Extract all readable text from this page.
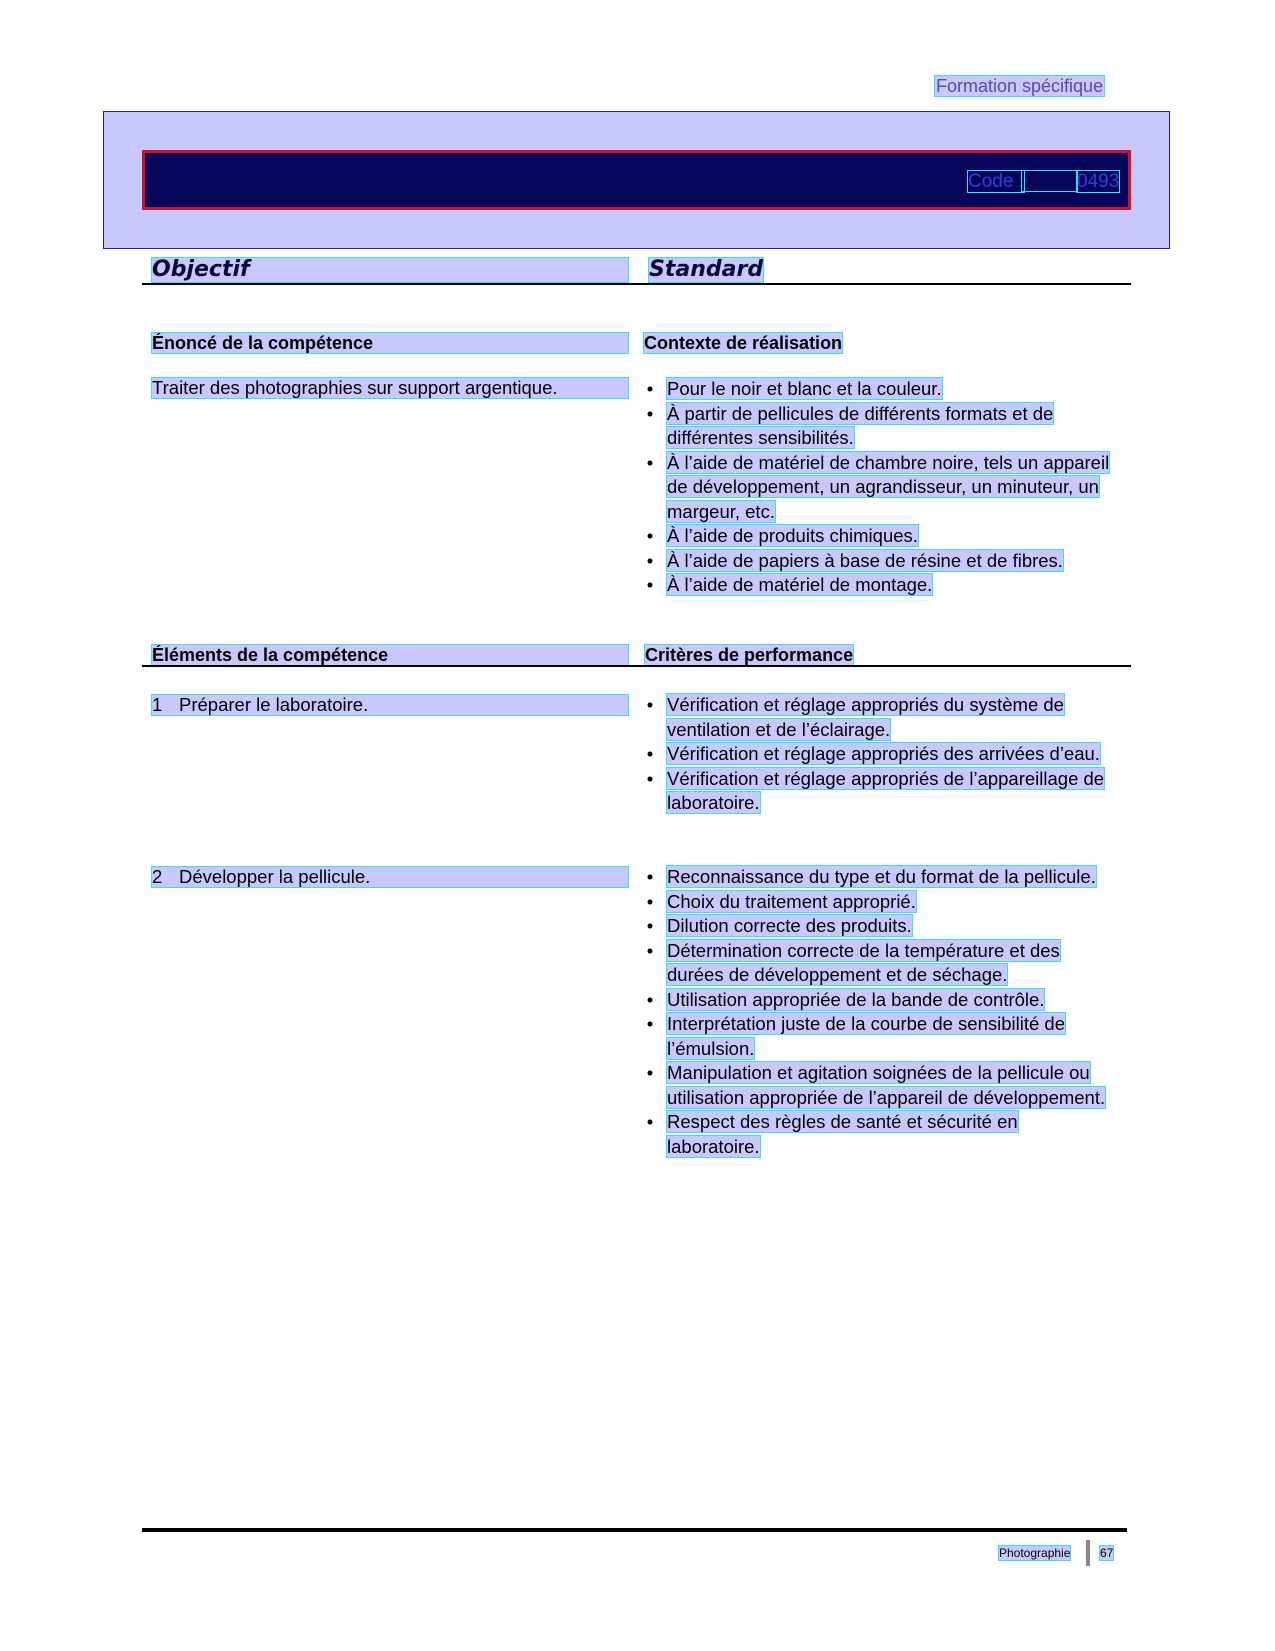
Formation spécifique
Code :	0493
Objectif	Standard
Énoncé de la compétence	Contexte de réalisation
Traiter des photographies sur support argentique.	• Pour le noir et blanc et la couleur.
• À partir de pellicules de différents formats et de différentes sensibilités.
• À l’aide de matériel de chambre noire, tels un appareil de développement, un agrandisseur, un minuteur, un margeur, etc.
• À l’aide de produits chimiques.
• À l’aide de papiers à base de résine et de fibres.
• À l’aide de matériel de montage.
Éléments de la compétence	Critères de performance
1 Préparer le laboratoire.	• Vérification et réglage appropriés du système de ventilation et de l’éclairage.
• Vérification et réglage appropriés des arrivées d’eau.
• Vérification et réglage appropriés de l’appareillage de laboratoire.
2 Développer la pellicule.	• Reconnaissance du type et du format de la pellicule.
• Choix du traitement approprié.
• Dilution correcte des produits.
• Détermination correcte de la température et des durées de développement et de séchage.
• Utilisation appropriée de la bande de contrôle.
• Interprétation juste de la courbe de sensibilité de l’émulsion.
• Manipulation et agitation soignées de la pellicule ou utilisation appropriée de l’appareil de développement.
• Respect des règles de santé et sécurité en laboratoire.
Photographie 67
